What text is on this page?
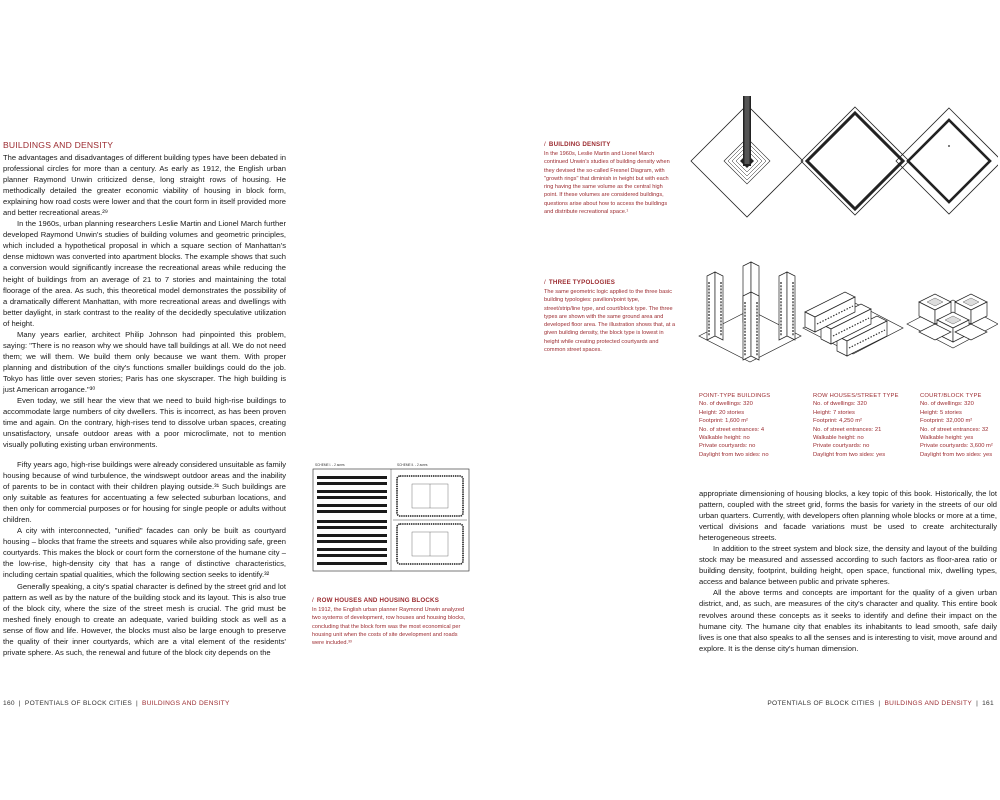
BUILDINGS AND DENSITY

The advantages and disadvantages of different building types have been debated in professional circles for more than a century. As early as 1912, the English urban planner Raymond Unwin criticized dense, long straight rows of housing. He methodically detailed the greater economic viability of housing in block form, explaining how road costs were lower and that the court form in itself provided more and better recreational areas.²⁹

In the 1960s, urban planning researchers Leslie Martin and Lionel March further developed Raymond Unwin's studies of building volumes and geometric principles, which included a hypothetical proposal in which a square section of Manhattan's dense midtown was converted into apartment blocks. The example shows that such a conversion would significantly increase the recreational areas while reducing the height of buildings from an average of 21 to 7 stories and maintaining the total floorage of the area. As such, this theoretical model demonstrates the possibility of a dramatically different Manhattan, with more recreational areas and dwellings with better daylight, in stark contrast to the reality of the decidedly speculative utilization of height.

Many years earlier, architect Philip Johnson had pinpointed this problem, saying: "There is no reason why we should have tall buildings at all. We do not need them; we will them. We build them only because we want them. With proper planning and distribution of the city's functions smaller buildings could do the job. Tokyo has little over seven stories; Paris has one skyscraper. The high building is just American arrogance."³⁰

Even today, we still hear the view that we need to build high-rise buildings to accommodate large numbers of city dwellers. This is incorrect, as has been proven time and again. On the contrary, high-rises tend to dissolve urban spaces, creating unsatisfactory, unsafe outdoor areas with a poor microclimate, not to mention visually polluting existing urban environments.

Fifty years ago, high-rise buildings were already considered unsuitable as family housing because of wind turbulence, the windswept outdoor areas and the inability of parents to be in contact with their children playing outside.³¹ Such buildings are only suitable as features for accentuating a few selected suburban locations, and then only for commercial purposes or for housing for single people or adults without children.

A city with interconnected, "unified" facades can only be built as courtyard housing – blocks that frame the streets and squares while also providing safe, green courtyards. This makes the block or court form the cornerstone of the humane city – the low-rise, high-density city that has a range of distinctive characteristics, including certain spatial qualities, which the following section seeks to identify.³²

Generally speaking, a city's spatial character is defined by the street grid and lot pattern as well as by the nature of the building stock and its layout. This is also true of the block city, where the size of the street mesh is crucial. The grid must be meshed finely enough to create an adequate, varied building stock as well as a sense of flow and life. However, the blocks must also be large enough to preserve the quality of their inner courtyards, which are a vital element of the residents' private sphere. As such, the renewal and future of the block city depends on the

SCHEME I. - 2 acres	SCHEME II. - 2 acres
/ ROW HOUSES AND HOUSING BLOCKS
In 1912, the English urban planner Raymond Unwin analyzed two systems of development, row houses and housing blocks, concluding that the block form was the most economical per housing unit when the costs of site development and roads were included.³³
160 | POTENTIALS OF BLOCK CITIES | BUILDINGS AND DENSITY
/ BUILDING DENSITY
In the 1960s, Leslie Martin and Lionel March continued Unwin's studies of building density when they devised the so-called Fresnel Diagram, with "growth rings" that diminish in height but with each ring having the same volume as the central high point. If these volumes are considered buildings, questions arise about how to access the buildings and distribute recreational space.¹
/ THREE TYPOLOGIES
The same geometric logic applied to the three basic building typologies: pavilion/point type, street/strip/line type, and court/block type. The three types are shown with the same ground area and developed floor area. The illustration shows that, at a given building density, the block type is lowest in height while creating protected courtyards and common street spaces.
POINT-TYPE BUILDINGS
No. of dwellings: 320
Height: 20 stories
Footprint: 1,600 m²
No. of street entrances: 4
Walkable height: no
Private courtyards: no
Daylight from two sides: no
ROW HOUSES/STREET TYPE
No. of dwellings: 320
Height: 7 stories
Footprint: 4,250 m²
No. of street entrances: 21
Walkable height: no
Private courtyards: no
Daylight from two sides: yes
COURT/BLOCK TYPE
No. of dwellings: 320
Height: 5 stories
Footprint: 32,000 m²
No. of street entrances: 32
Walkable height: yes
Private courtyards: 3,600 m²
Daylight from two sides: yes

appropriate dimensioning of housing blocks, a key topic of this book. Historically, the lot pattern, coupled with the street grid, forms the basis for variety in the streets of our old urban quarters. Currently, with developers often planning whole blocks or more at a time, vertical divisions and facade variations must be used to create architecturally heterogeneous streets.

In addition to the street system and block size, the density and layout of the building stock may be measured and assessed according to such factors as floor-area ratio or building density, footprint, building height, open space, functional mix, dwelling types, access and balance between public and private spheres.

All the above terms and concepts are important for the quality of a given urban district, and, as such, are measures of the city's character and quality. This entire book revolves around these concepts as it seeks to identify and define their impact on the humane city. The humane city that enables its inhabitants to lead smooth, safe daily lives is one that also speaks to all the senses and is interesting to visit, move around and explore. It is the dense city's human dimension.

POTENTIALS OF BLOCK CITIES | BUILDINGS AND DENSITY | 161
